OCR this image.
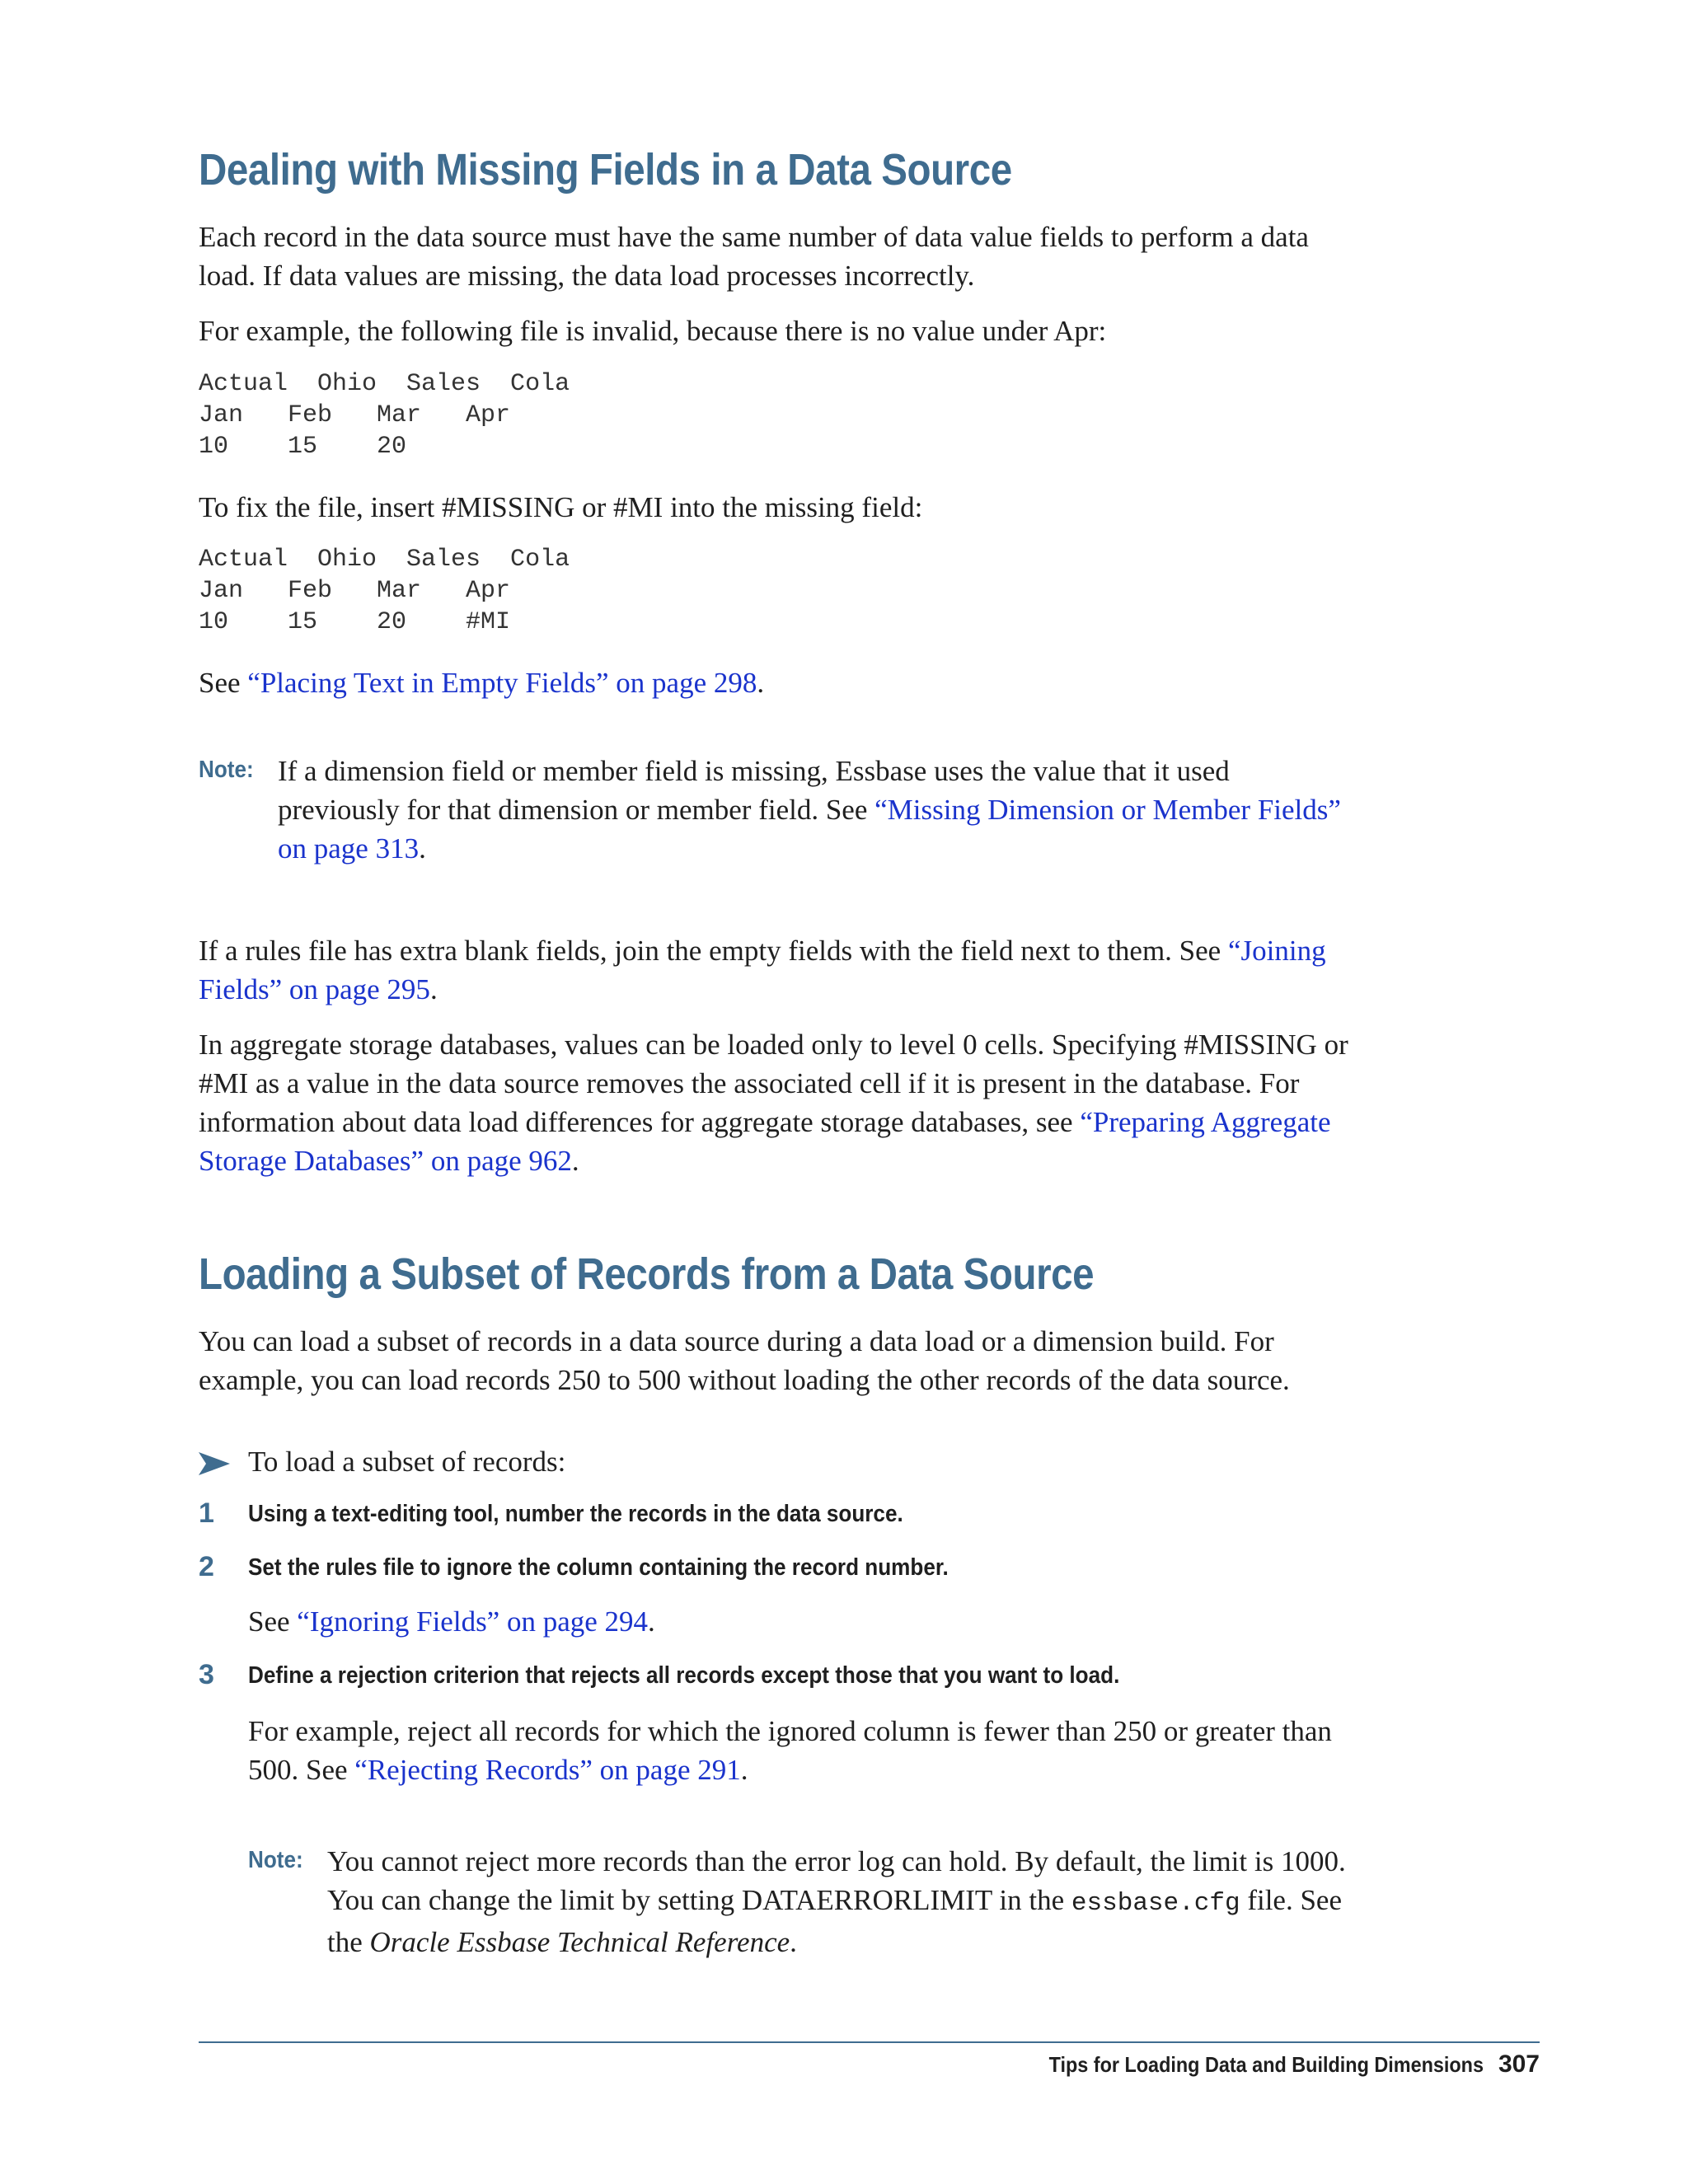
Dealing with Missing Fields in a Data Source

Each record in the data source must have the same number of data value fields to perform a data load. If data values are missing, the data load processes incorrectly.

For example, the following file is invalid, because there is no value under Apr:

Actual  Ohio  Sales  Cola
Jan   Feb   Mar   Apr
10    15    20

To fix the file, insert #MISSING or #MI into the missing field:

Actual  Ohio  Sales  Cola
Jan   Feb   Mar   Apr
10    15    20    #MI

See “Placing Text in Empty Fields” on page 298.

Note: If a dimension field or member field is missing, Essbase uses the value that it used previously for that dimension or member field. See “Missing Dimension or Member Fields” on page 313.

If a rules file has extra blank fields, join the empty fields with the field next to them. See “Joining Fields” on page 295.

In aggregate storage databases, values can be loaded only to level 0 cells. Specifying #MISSING or #MI as a value in the data source removes the associated cell if it is present in the database. For information about data load differences for aggregate storage databases, see “Preparing Aggregate Storage Databases” on page 962.

Loading a Subset of Records from a Data Source

You can load a subset of records in a data source during a data load or a dimension build. For example, you can load records 250 to 500 without loading the other records of the data source.

To load a subset of records:

1 Using a text-editing tool, number the records in the data source.
2 Set the rules file to ignore the column containing the record number.

See “Ignoring Fields” on page 294.

3 Define a rejection criterion that rejects all records except those that you want to load.

For example, reject all records for which the ignored column is fewer than 250 or greater than 500. See “Rejecting Records” on page 291.

Note: You cannot reject more records than the error log can hold. By default, the limit is 1000. You can change the limit by setting DATAERRORLIMIT in the essbase.cfg file. See the Oracle Essbase Technical Reference.

Tips for Loading Data and Building Dimensions 307
